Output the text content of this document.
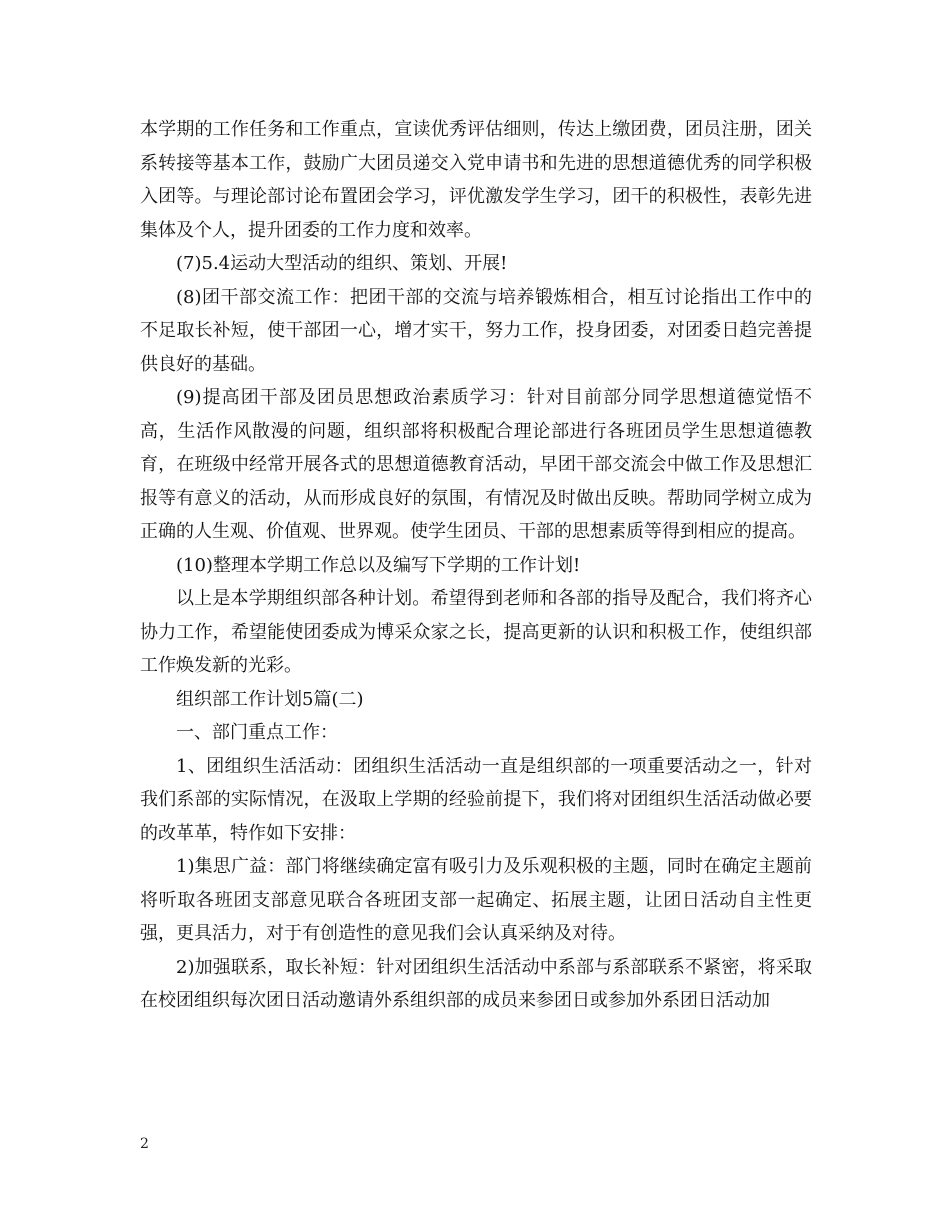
本学期的工作任务和工作重点，宣读优秀评估细则，传达上缴团费，团员注册，团关系转接等基本工作，鼓励广大团员递交入党申请书和先进的思想道德优秀的同学积极入团等。与理论部讨论布置团会学习，评优激发学生学习，团干的积极性，表彰先进集体及个人，提升团委的工作力度和效率。

(7)5.4运动大型活动的组织、策划、开展!

(8)团干部交流工作：把团干部的交流与培养锻炼相合，相互讨论指出工作中的不足取长补短，使干部团一心，增才实干，努力工作，投身团委，对团委日趋完善提供良好的基础。

(9)提高团干部及团员思想政治素质学习：针对目前部分同学思想道德觉悟不高，生活作风散漫的问题，组织部将积极配合理论部进行各班团员学生思想道德教育，在班级中经常开展各式的思想道德教育活动，早团干部交流会中做工作及思想汇报等有意义的活动，从而形成良好的氛围，有情况及时做出反映。帮助同学树立成为正确的人生观、价值观、世界观。使学生团员、干部的思想素质等得到相应的提高。

(10)整理本学期工作总以及编写下学期的工作计划!

以上是本学期组织部各种计划。希望得到老师和各部的指导及配合，我们将齐心协力工作，希望能使团委成为博采众家之长，提高更新的认识和积极工作，使组织部工作焕发新的光彩。

组织部工作计划5篇(二)

一、部门重点工作：

1、团组织生活活动：团组织生活活动一直是组织部的一项重要活动之一，针对我们系部的实际情况，在汲取上学期的经验前提下，我们将对团组织生活活动做必要的改革革，特作如下安排：

1)集思广益：部门将继续确定富有吸引力及乐观积极的主题，同时在确定主题前将听取各班团支部意见联合各班团支部一起确定、拓展主题，让团日活动自主性更强，更具活力，对于有创造性的意见我们会认真采纳及对待。

2)加强联系，取长补短：针对团组织生活活动中系部与系部联系不紧密，将采取在校团组织每次团日活动邀请外系组织部的成员来参团日或参加外系团日活动加

2
